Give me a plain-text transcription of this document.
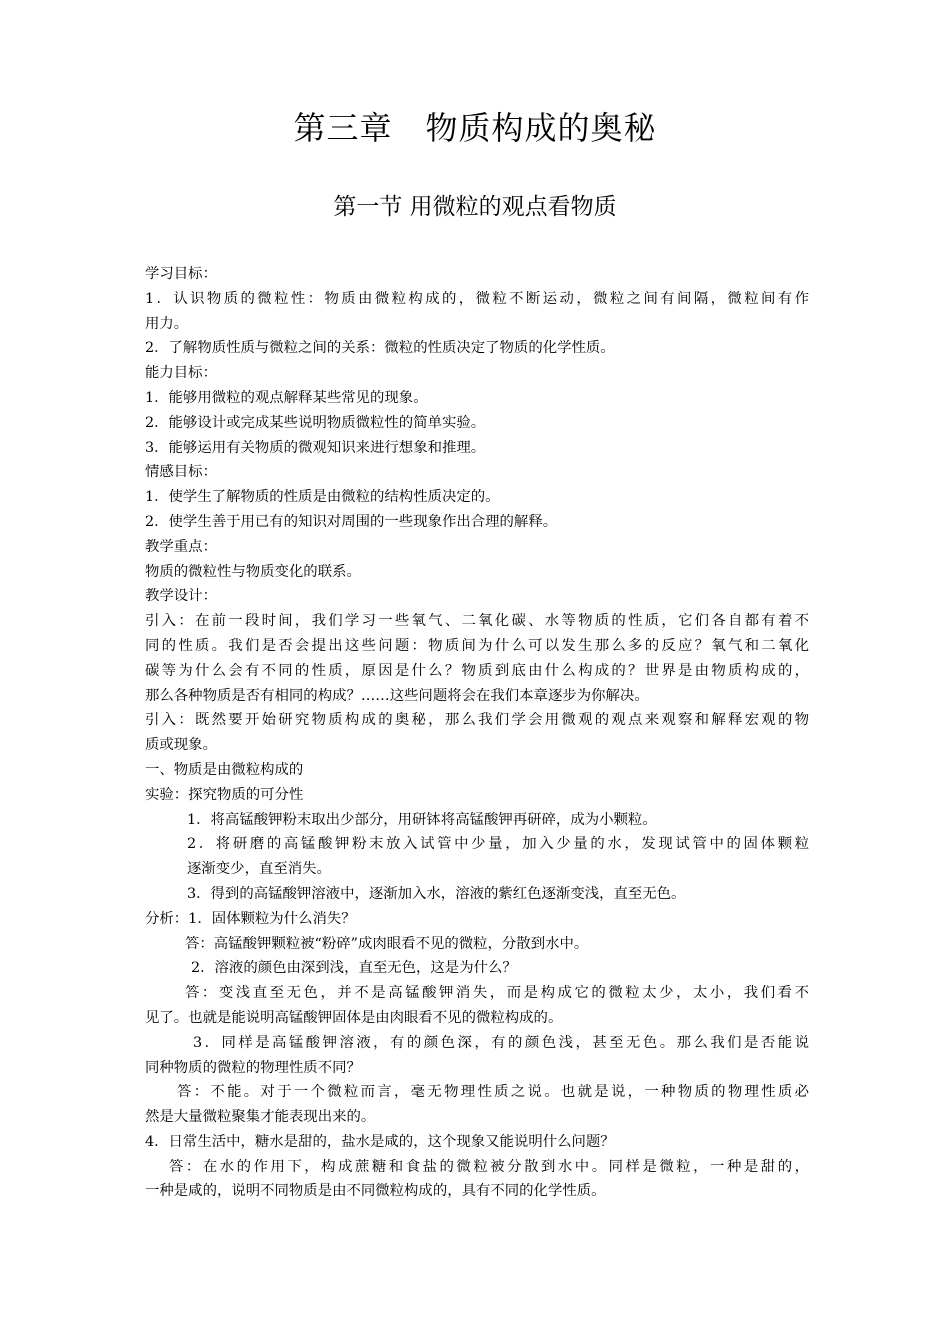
第三章　物质构成的奥秘
第一节 用微粒的观点看物质
学习目标：
1．认识物质的微粒性：物质由微粒构成的，微粒不断运动，微粒之间有间隔，微粒间有作
用力。
2．了解物质性质与微粒之间的关系：微粒的性质决定了物质的化学性质。
能力目标：
1．能够用微粒的观点解释某些常见的现象。
2．能够设计或完成某些说明物质微粒性的简单实验。
3．能够运用有关物质的微观知识来进行想象和推理。
情感目标：
1．使学生了解物质的性质是由微粒的结构性质决定的。
2．使学生善于用已有的知识对周围的一些现象作出合理的解释。
教学重点：
物质的微粒性与物质变化的联系。
教学设计：
引入：在前一段时间，我们学习一些氧气、二氧化碳、水等物质的性质，它们各自都有着不
同的性质。我们是否会提出这些问题：物质间为什么可以发生那么多的反应？氧气和二氧化
碳等为什么会有不同的性质，原因是什么？物质到底由什么构成的？世界是由物质构成的，
那么各种物质是否有相同的构成？……这些问题将会在我们本章逐步为你解决。
引入：既然要开始研究物质构成的奥秘，那么我们学会用微观的观点来观察和解释宏观的物
质或现象。
一、物质是由微粒构成的
实验：探究物质的可分性
1．将高锰酸钾粉末取出少部分，用研钵将高锰酸钾再研碎，成为小颗粒。
2．将研磨的高锰酸钾粉末放入试管中少量，加入少量的水，发现试管中的固体颗粒
逐渐变少，直至消失。
3．得到的高锰酸钾溶液中，逐渐加入水，溶液的紫红色逐渐变浅，直至无色。
分析：1．固体颗粒为什么消失？
答：高锰酸钾颗粒被“粉碎”成肉眼看不见的微粒，分散到水中。
2．溶液的颜色由深到浅，直至无色，这是为什么？
答：变浅直至无色，并不是高锰酸钾消失，而是构成它的微粒太少，太小，我们看不
见了。也就是能说明高锰酸钾固体是由肉眼看不见的微粒构成的。
3．同样是高锰酸钾溶液，有的颜色深，有的颜色浅，甚至无色。那么我们是否能说
同种物质的微粒的物理性质不同？
答：不能。对于一个微粒而言，毫无物理性质之说。也就是说，一种物质的物理性质必
然是大量微粒聚集才能表现出来的。
4．日常生活中，糖水是甜的，盐水是咸的，这个现象又能说明什么问题？
答：在水的作用下，构成蔗糖和食盐的微粒被分散到水中。同样是微粒，一种是甜的，
一种是咸的，说明不同物质是由不同微粒构成的，具有不同的化学性质。
